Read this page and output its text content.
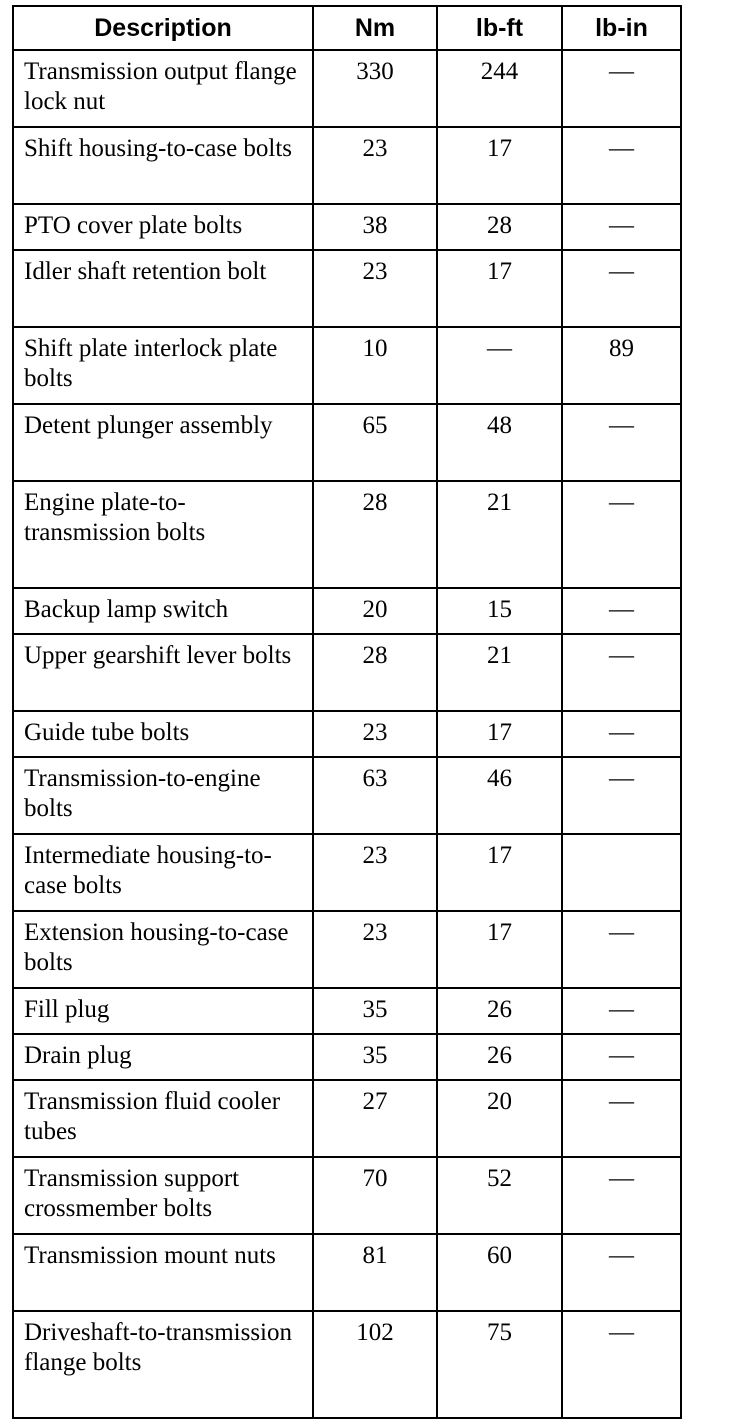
Description	Nm	lb-ft	lb-in
Transmission output flange lock nut	330	244	—
Shift housing-to-case bolts	23	17	—
PTO cover plate bolts	38	28	—
Idler shaft retention bolt	23	17	—
Shift plate interlock plate bolts	10	—	89
Detent plunger assembly	65	48	—
Engine plate-to-transmission bolts	28	21	—
Backup lamp switch	20	15	—
Upper gearshift lever bolts	28	21	—
Guide tube bolts	23	17	—
Transmission-to-engine bolts	63	46	—
Intermediate housing-to-case bolts	23	17	
Extension housing-to-case bolts	23	17	—
Fill plug	35	26	—
Drain plug	35	26	—
Transmission fluid cooler tubes	27	20	—
Transmission support crossmember bolts	70	52	—
Transmission mount nuts	81	60	—
Driveshaft-to-transmission flange bolts	102	75	—
